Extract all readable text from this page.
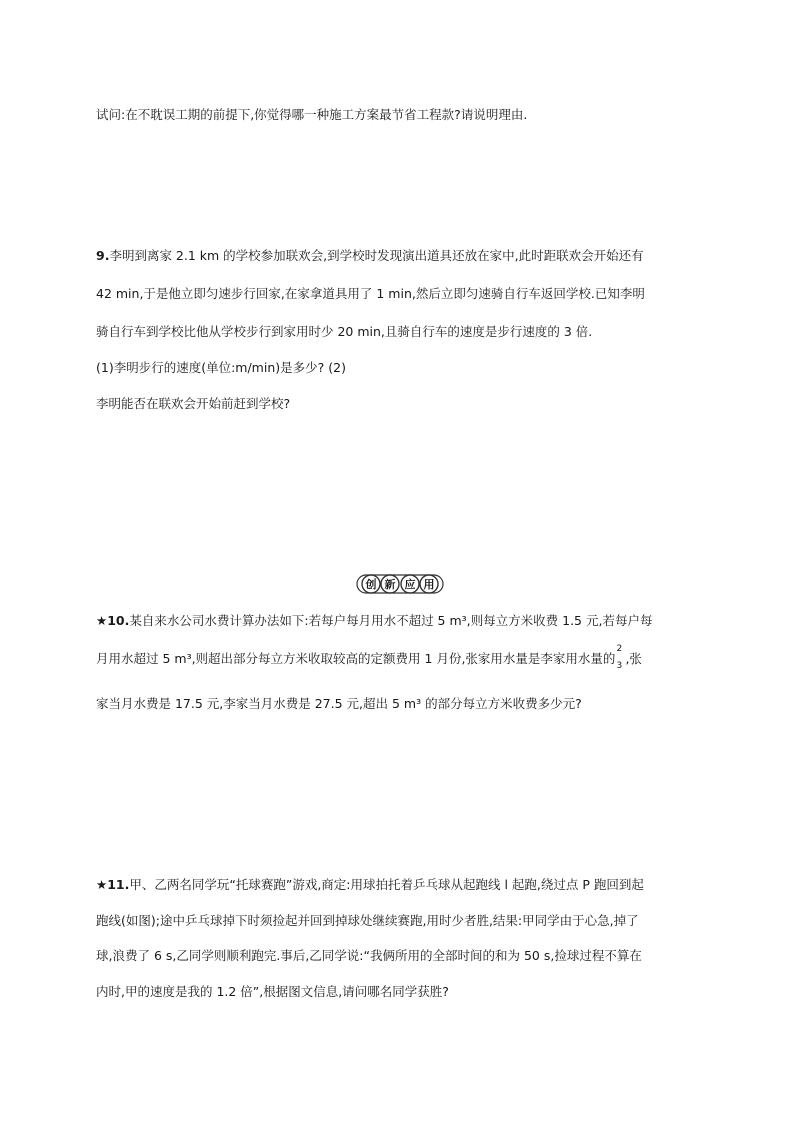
试问:在不耽误工期的前提下,你觉得哪一种施工方案最节省工程款?请说明理由.
9.李明到离家 2.1 km 的学校参加联欢会,到学校时发现演出道具还放在家中,此时距联欢会开始还有
42 min,于是他立即匀速步行回家,在家拿道具用了 1 min,然后立即匀速骑自行车返回学校.已知李明
骑自行车到学校比他从学校步行到家用时少 20 min,且骑自行车的速度是步行速度的 3 倍.
(1)李明步行的速度(单位:m/min)是多少? (2)
李明能否在联欢会开始前赶到学校?
创 新 应 用
★10.某自来水公司水费计算办法如下:若每户每月用水不超过 5 m³,则每立方米收费 1.5 元,若每户每
月用水超过 5 m³,则超出部分每立方米收取较高的定额费用 1 月份,张家用水量是李家用水量的
2
3 ,张
家当月水费是 17.5 元,李家当月水费是 27.5 元,超出 5 m³ 的部分每立方米收费多少元?
★11.甲、乙两名同学玩“托球赛跑”游戏,商定:用球拍托着乒乓球从起跑线 l 起跑,绕过点 P 跑回到起
跑线(如图);途中乒乓球掉下时须捡起并回到掉球处继续赛跑,用时少者胜,结果:甲同学由于心急,掉了
球,浪费了 6 s,乙同学则顺利跑完.事后,乙同学说:“我俩所用的全部时间的和为 50 s,捡球过程不算在
内时,甲的速度是我的 1.2 倍”,根据图文信息,请问哪名同学获胜?
